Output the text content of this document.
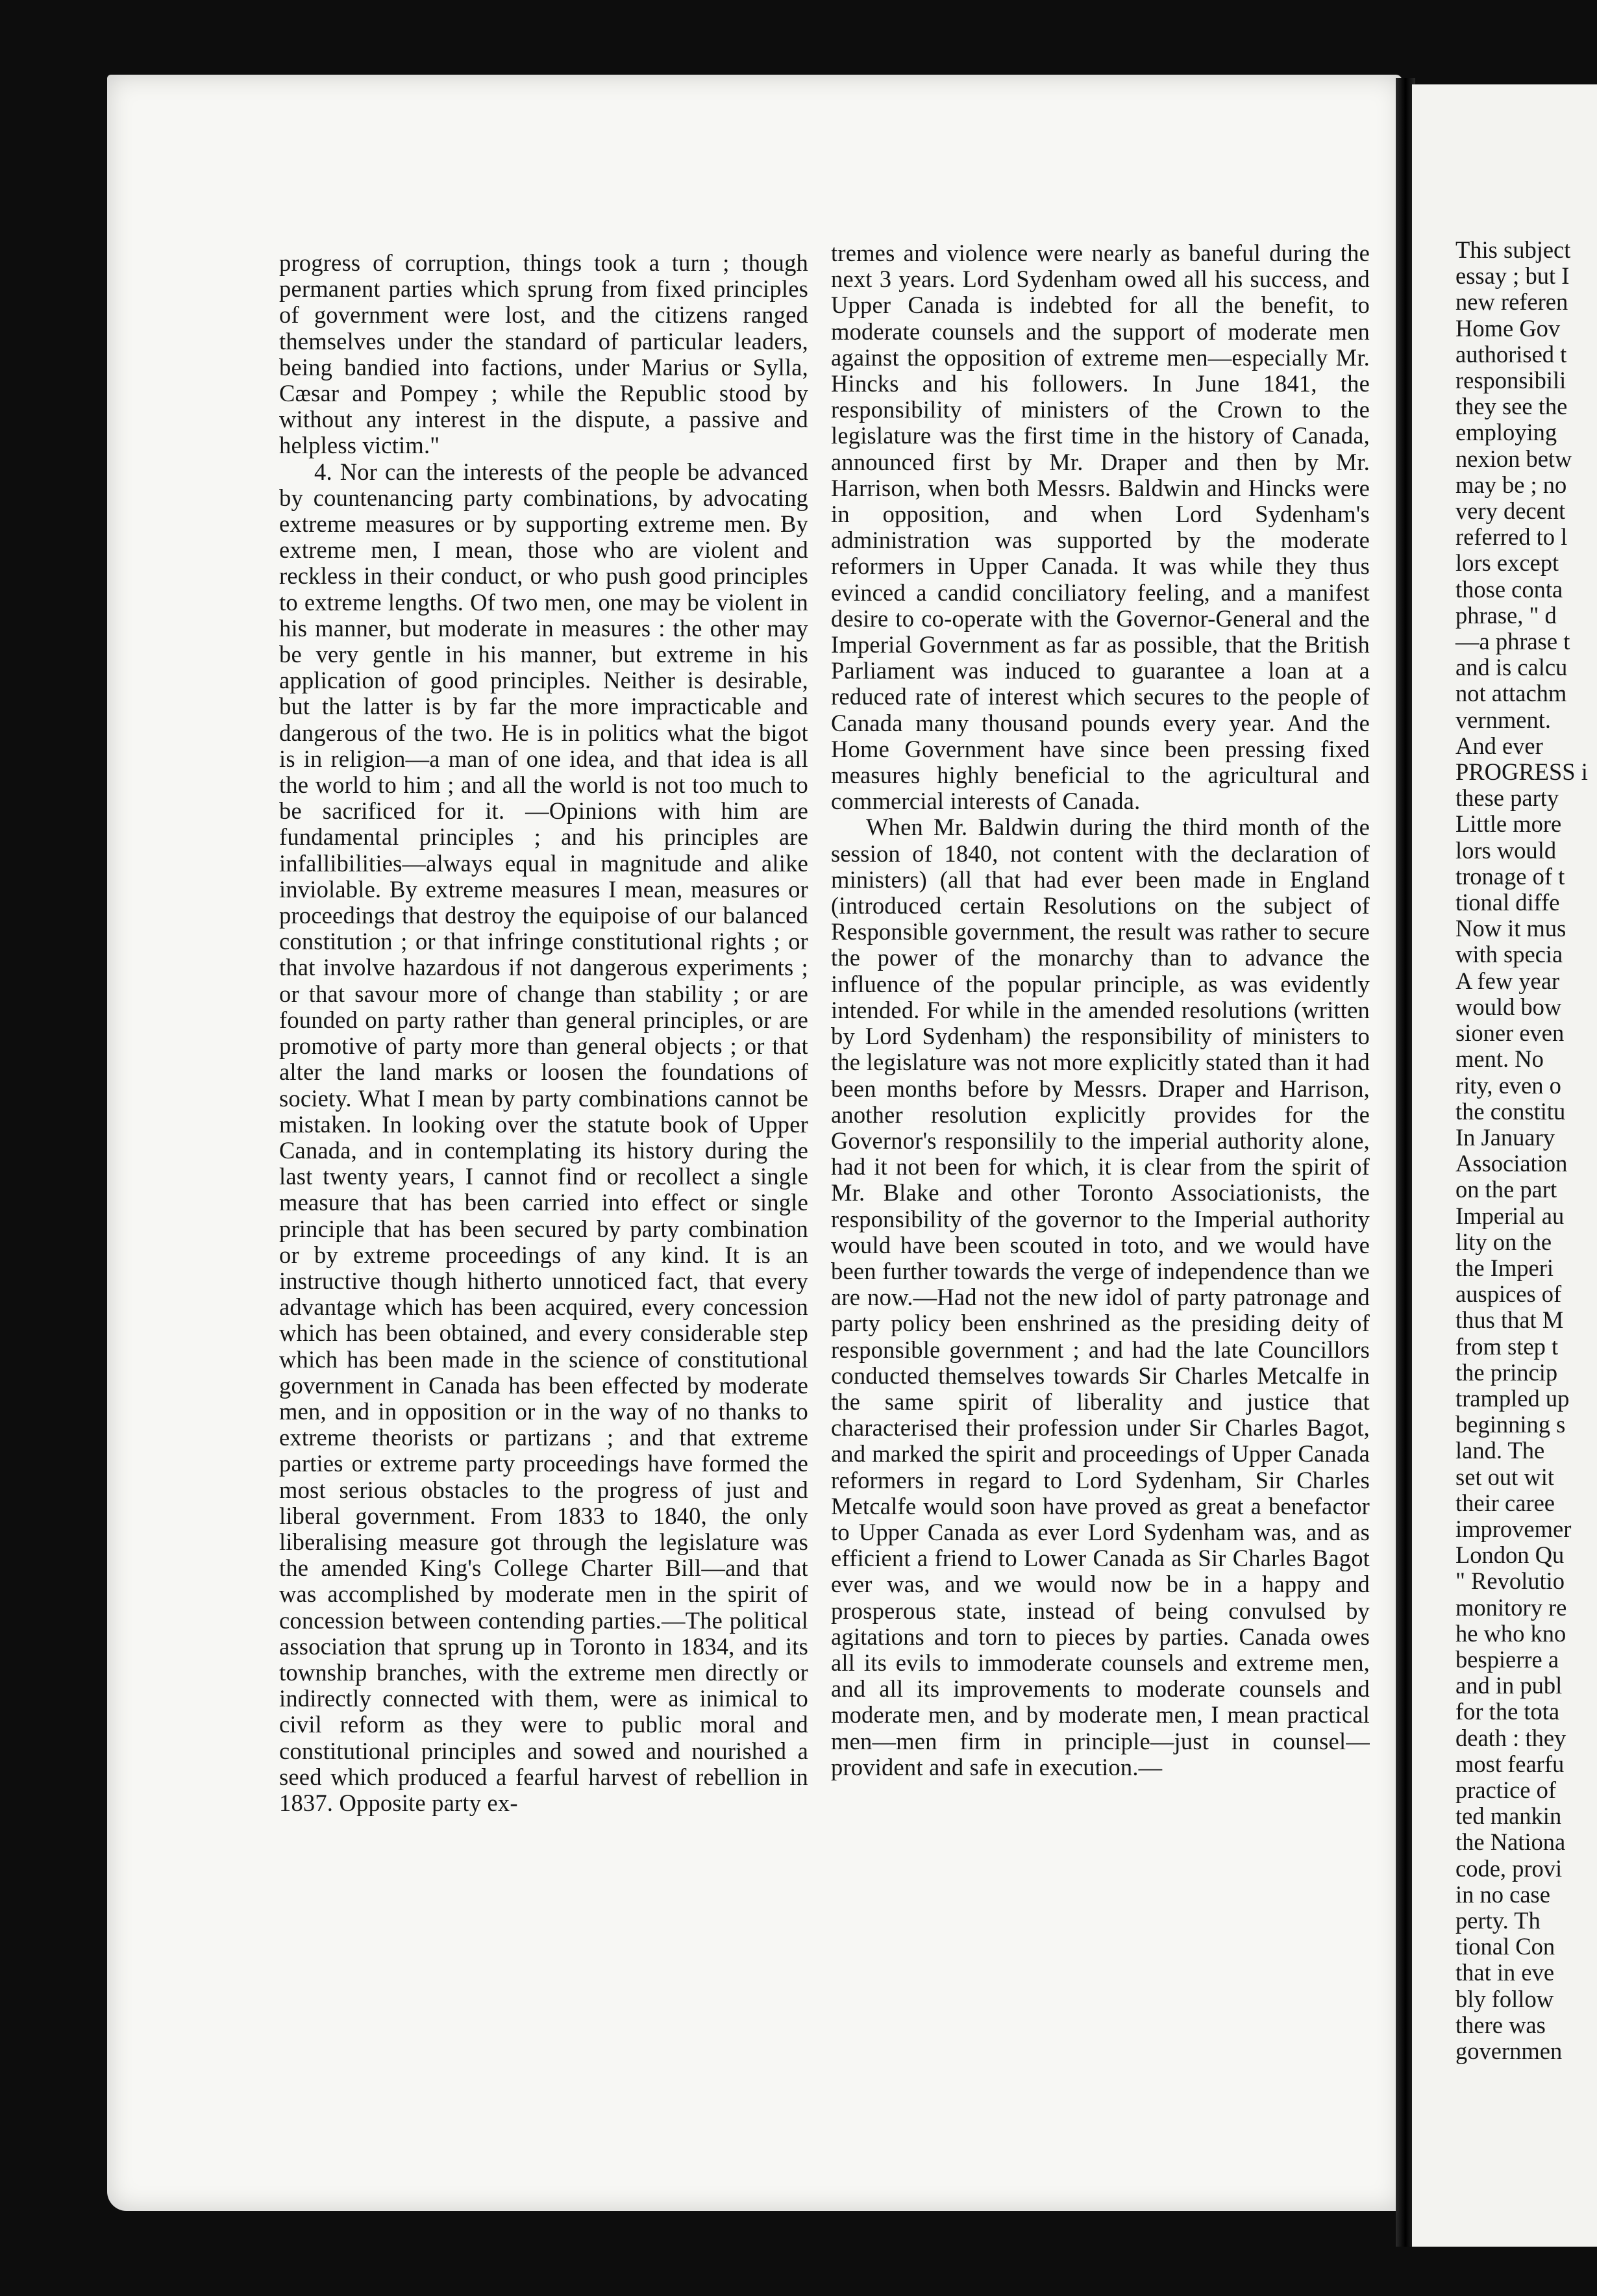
progress of corruption, things took a turn ; though permanent parties which sprung from fixed principles of government were lost, and the citizens ranged themselves under the standard of particular leaders, being bandied into factions, under Marius or Sylla, Cæsar and Pompey ; while the Republic stood by without any interest in the dispute, a passive and helpless victim."

4. Nor can the interests of the people be advanced by countenancing party combinations, by advocating extreme measures or by supporting extreme men. By extreme men, I mean, those who are violent and reckless in their conduct, or who push good principles to extreme lengths. Of two men, one may be violent in his manner, but moderate in measures : the other may be very gentle in his manner, but extreme in his application of good principles. Neither is desirable, but the latter is by far the more impracticable and dangerous of the two. He is in politics what the bigot is in religion—a man of one idea, and that idea is all the world to him ; and all the world is not too much to be sacrificed for it. —Opinions with him are fundamental principles ; and his principles are infallibilities—always equal in magnitude and alike inviolable. By extreme measures I mean, measures or proceedings that destroy the equipoise of our balanced constitution ; or that infringe constitutional rights ; or that involve hazardous if not dangerous experiments ; or that savour more of change than stability ; or are founded on party rather than general principles, or are promotive of party more than general objects ; or that alter the land marks or loosen the foundations of society. What I mean by party combinations cannot be mistaken. In looking over the statute book of Upper Canada, and in contemplating its history during the last twenty years, I cannot find or recollect a single measure that has been carried into effect or single principle that has been secured by party combination or by extreme proceedings of any kind. It is an instructive though hitherto unnoticed fact, that every advantage which has been acquired, every concession which has been obtained, and every considerable step which has been made in the science of constitutional government in Canada has been effected by moderate men, and in opposition or in the way of no thanks to extreme theorists or partizans ; and that extreme parties or extreme party proceedings have formed the most serious obstacles to the progress of just and liberal government. From 1833 to 1840, the only liberalising measure got through the legislature was the amended King's College Charter Bill—and that was accomplished by moderate men in the spirit of concession between contending parties.—The political association that sprung up in Toronto in 1834, and its township branches, with the extreme men directly or indirectly connected with them, were as inimical to civil reform as they were to public moral and constitutional principles and sowed and nourished a seed which produced a fearful harvest of rebellion in 1837. Opposite party ex-

tremes and violence were nearly as baneful during the next 3 years. Lord Sydenham owed all his success, and Upper Canada is indebted for all the benefit, to moderate counsels and the support of moderate men against the opposition of extreme men—especially Mr. Hincks and his followers. In June 1841, the responsibility of ministers of the Crown to the legislature was the first time in the history of Canada, announced first by Mr. Draper and then by Mr. Harrison, when both Messrs. Baldwin and Hincks were in opposition, and when Lord Sydenham's administration was supported by the moderate reformers in Upper Canada. It was while they thus evinced a candid conciliatory feeling, and a manifest desire to co-operate with the Governor-General and the Imperial Government as far as possible, that the British Parliament was induced to guarantee a loan at a reduced rate of interest which secures to the people of Canada many thousand pounds every year. And the Home Government have since been pressing fixed measures highly beneficial to the agricultural and commercial interests of Canada.

When Mr. Baldwin during the third month of the session of 1840, not content with the declaration of ministers) (all that had ever been made in England (introduced certain Resolutions on the subject of Responsible government, the result was rather to secure the power of the monarchy than to advance the influence of the popular principle, as was evidently intended. For while in the amended resolutions (written by Lord Sydenham) the responsibility of ministers to the legislature was not more explicitly stated than it had been months before by Messrs. Draper and Harrison, another resolution explicitly provides for the Governor's responsilily to the imperial authority alone, had it not been for which, it is clear from the spirit of Mr. Blake and other Toronto Associationists, the responsibility of the governor to the Imperial authority would have been scouted in toto, and we would have been further towards the verge of independence than we are now.—Had not the new idol of party patronage and party policy been enshrined as the presiding deity of responsible government ; and had the late Councillors conducted themselves towards Sir Charles Metcalfe in the same spirit of liberality and justice that characterised their profession under Sir Charles Bagot, and marked the spirit and proceedings of Upper Canada reformers in regard to Lord Sydenham, Sir Charles Metcalfe would soon have proved as great a benefactor to Upper Canada as ever Lord Sydenham was, and as efficient a friend to Lower Canada as Sir Charles Bagot ever was, and we would now be in a happy and prosperous state, instead of being convulsed by agitations and torn to pieces by parties. Canada owes all its evils to immoderate counsels and extreme men, and all its improvements to moderate counsels and moderate men, and by moderate men, I mean practical men—men firm in principle—just in counsel—provident and safe in execution.—

This subject
essay ; but I
new referen
Home Gov
authorised t
responsibili
they see the
employing
nexion betw
may be ; no
very decent
referred to l
lors except
those conta
phrase, " d
—a phrase t
and is calcu
not attachm
vernment.
And ever
PROGRESS i
these party
Little more
lors would
tronage of t
tional diffe
Now it mus
with specia
A few year
would bow
sioner even
ment. No
rity, even o
the constitu
In January
Association
on the part
Imperial au
lity on the
the Imperi
auspices of
thus that M
from step t
the princip
trampled up
beginning s
land. The
set out wit
their caree
improvemer
London Qu
" Revolutio
monitory re
he who kno
bespierre a
and in publ
for the tota
death : they
most fearfu
practice of
ted mankin
the Nationa
code, provi
in no case
perty. Th
tional Con
that in eve
bly follow
there was
governmen
